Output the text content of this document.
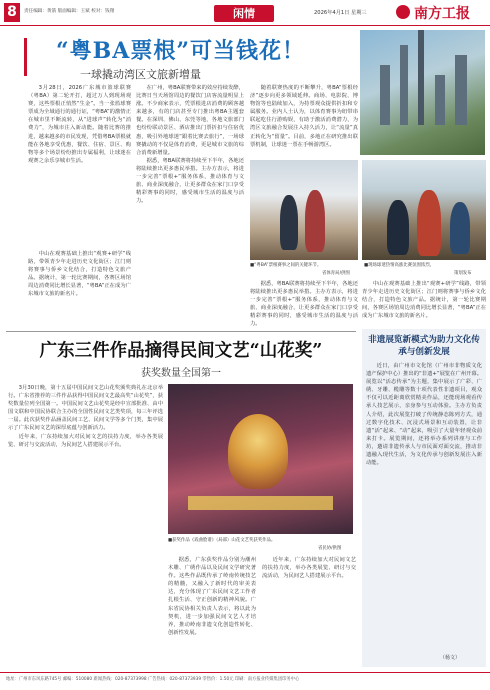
8	责任编辑：黄箭 版面编辑：王斌 校对：钱翔	闲情	2026年4月1日 星期三	南方工报
“粤BA票根”可当钱花！
一球撬动湾区文旅新增量

3月28日，2026广东城市篮球联赛（粤BA）第二轮开打，超过万人到现场观赛，这些票根正悄然“生金”。当一张篮球赛票成为全域通行的通行证，“粤BA”的激情正在城市里不断流转，从“进球声”转化为“消费力”，为城市注入新动能。随着比赛的推进，越来越多的市民发现，凭借粤BA票根就能在各地享受优惠，餐饮、住宿、景区、购物等多个场景纷纷推出专属福利，让球迷在观赛之余乐享城市生活。

中山在观赛基础上推出“观赛+研学”线路，带领青少年走进历史文化街区；江门则将赛事与侨乡文化结合，打造特色文旅产品。据统计，第一轮比赛期间，各赛区场馆周边消费同比增长显著，“粤BA”正在成为广东城市文旅的新名片。

在广州，粤BA联赛带来的效应持续发酵，比赛日当天场馆周边的餐饮门店客流量明显上涨。不少商家表示，凭票根进店消费的顾客越来越多，有的门店甚至专门推出粤BA主题套餐。在深圳、佛山、东莞等地，各地文旅部门也纷纷联动景区、酒店推出门票折扣与住宿优惠，吸引外地球迷“跟着比赛去旅行”，一场球赛撬动的不仅是体育消费，更是城市文旅的综合消费新增量。

据悉，粤BA联赛将持续至下半年，各地还将陆续推出更多惠民举措。主办方表示，将进一步完善“票根+”服务体系，推动体育与文旅、商业深度融合，让更多群众在家门口享受精彩赛事的同时，感受城市生活的温度与活力。

随着联赛热度的不断攀升，粤BA“票根经济”逐步向更多领域延伸。商场、电影院、博物馆等也陆续加入，为持票观众提供折扣和专属服务。业内人士认为，以体育赛事为纽带串联起吃住行游购娱，有助于激活消费潜力，为湾区文旅融合发展注入持久活力，让“流量”真正转化为“留量”。目前，多地正在研究推出联票机制，让球迷一票在手畅游湾区。

■“粤BA”票根赛事之间的关键环节。
省体育局/供图
■现场球迷热情高涨比赛氛围浓烈。
策划发布

据悉，粤BA联赛将持续至下半年，各地还将陆续推出更多惠民举措。主办方表示，将进一步完善“票根+”服务体系，推动体育与文旅、商业深度融合，让更多群众在家门口享受精彩赛事的同时，感受城市生活的温度与活力。

中山在观赛基础上推出“观赛+研学”线路，带领青少年走进历史文化街区；江门则将赛事与侨乡文化结合，打造特色文旅产品。据统计，第一轮比赛期间，各赛区场馆周边消费同比增长显著，“粤BA”正在成为广东城市文旅的新名片。

广东三件作品摘得民间文艺“山花奖”
获奖数量全国第一

3月30日晚，第十五届中国民间文艺山花奖颁奖典礼在北京举行。广东省推荐的三件作品获得中国民间文艺最高奖“山花奖”，获奖数量位列全国第一。中国民间文艺山花奖是经中宣部批准、由中国文联和中国民协联合主办的全国性民间文艺类奖项，每三年评选一届。此次获奖作品涵盖民间工艺、民间文学等多个门类，集中展示了广东民间文艺的深厚底蕴与创新活力。

近年来，广东持续加大对民间文艺的扶持力度，举办各类展览、研讨与交流活动，为民间艺人搭建展示平台。

■获奖作品《戏曲脸谱》（局部）山花文艺奖获奖作品。
省民协/供图

据悉，广东获奖作品分别为潮州木雕、广绣作品以及民间文学研究著作。这些作品既传承了岭南传统技艺的精髓，又融入了新时代的审美表达，充分体现了广东民间文艺工作者扎根生活、守正创新的精神风貌。广东省民协相关负责人表示，将以此为契机，进一步加强民间文艺人才培养，推动岭南非遗文化创造性转化、创新性发展。

近年来，广东持续加大对民间文艺的扶持力度，举办各类展览、研讨与交流活动，为民间艺人搭建展示平台。

非遗展览新模式为助力文化传承与创新发展

近日，由广州市文化馆（广州市非物质文化遗产保护中心）推出的“非遗+”展览在广州开幕。展览以“活态传承”为主题，集中展示了广彩、广绣、牙雕、榄雕等数十项代表性非遗项目，观众不仅可以近距离欣赏精美作品，还能现场观看传承人技艺展示，亲身参与互动体验。主办方负责人介绍，此次展览打破了传统静态陈列方式，通过数字化技术、沉浸式场景和互动装置，让非遗“活”起来、“动”起来，吸引了大量年轻观众前来打卡。展览期间，还将举办系列讲座与工作坊，邀请非遗传承人与市民面对面交流，推动非遗融入现代生活，为文化传承与创新发展注入新动能。

（杨文）
地址：广州市东风东路745号 邮编：510080 新闻热线：020-87373998 广告热线：020-87373939 零售价：1.50元 印刷：南方报业传媒集团印务中心
